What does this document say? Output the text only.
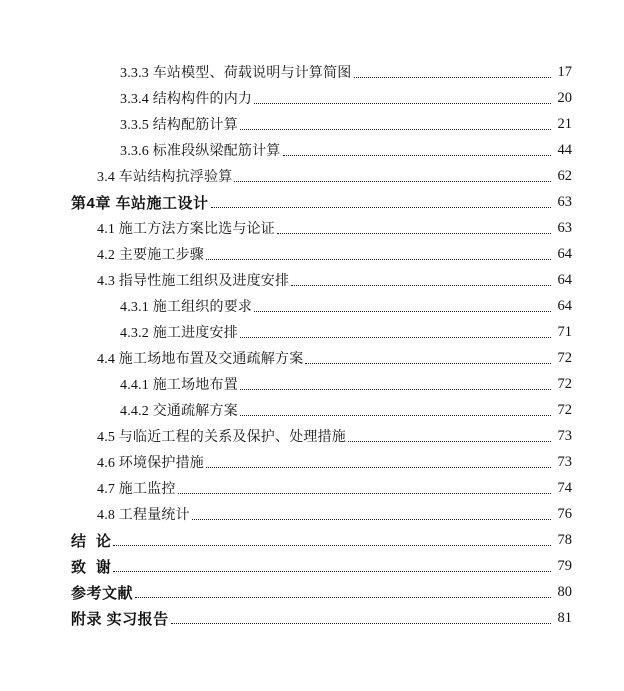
3.3.3 车站模型、荷载说明与计算简图	17
3.3.4 结构构件的内力	20
3.3.5 结构配筋计算	21
3.3.6 标准段纵梁配筋计算	44
3.4 车站结构抗浮验算	62
第4章 车站施工设计	63
4.1 施工方法方案比选与论证	63
4.2 主要施工步骤	64
4.3 指导性施工组织及进度安排	64
4.3.1 施工组织的要求	64
4.3.2 施工进度安排	71
4.4 施工场地布置及交通疏解方案	72
4.4.1 施工场地布置	72
4.4.2 交通疏解方案	72
4.5 与临近工程的关系及保护、处理措施	73
4.6 环境保护措施	73
4.7 施工监控	74
4.8 工程量统计	76
结  论	78
致  谢	79
参考文献	80
附录 实习报告	81
